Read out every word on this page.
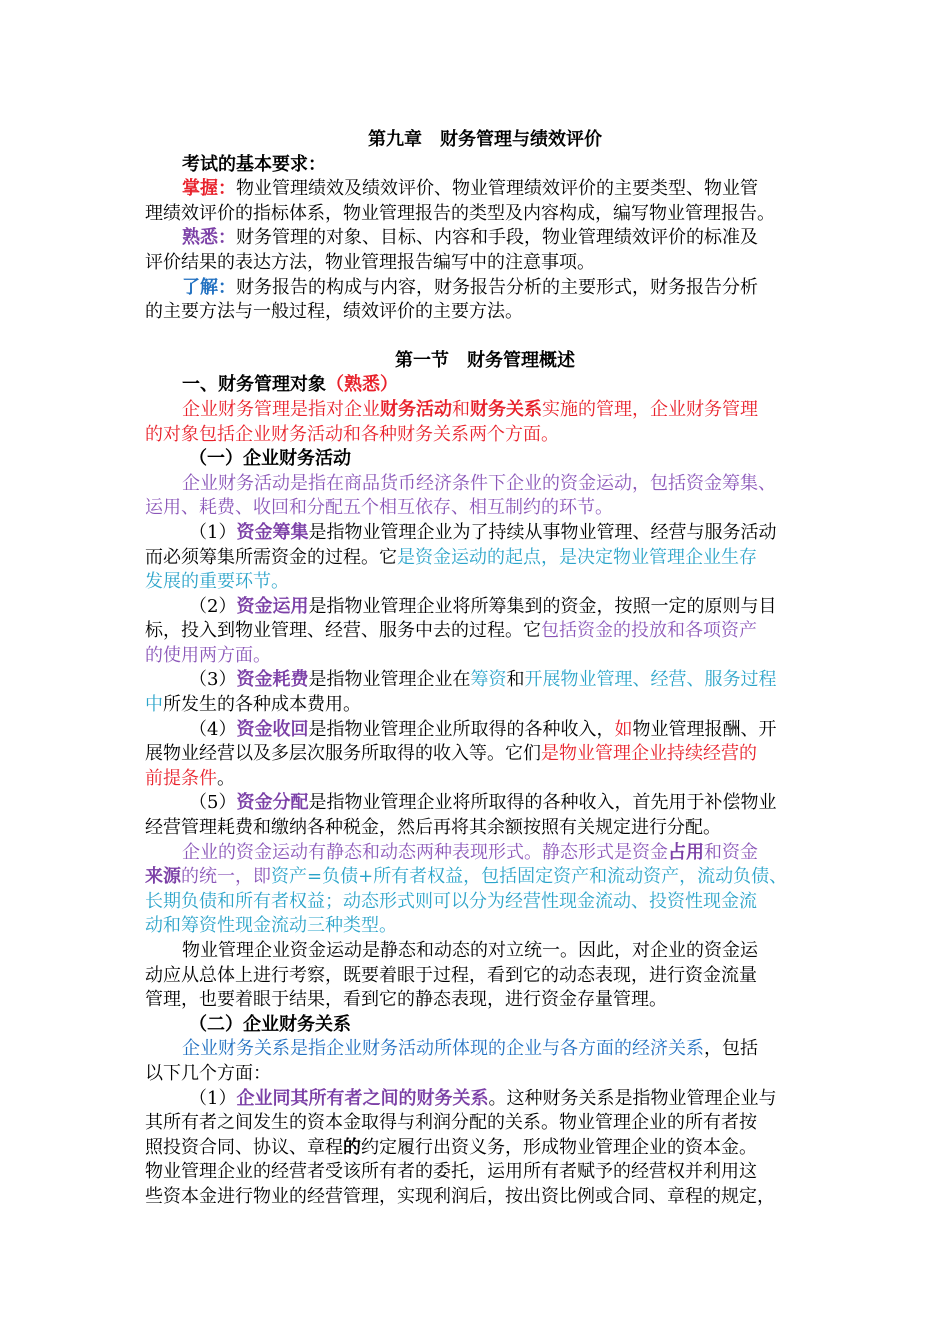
第九章　财务管理与绩效评价
考试的基本要求：
掌握：物业管理绩效及绩效评价、物业管理绩效评价的主要类型、物业管
理绩效评价的指标体系，物业管理报告的类型及内容构成，编写物业管理报告。
熟悉：财务管理的对象、目标、内容和手段，物业管理绩效评价的标准及
评价结果的表达方法，物业管理报告编写中的注意事项。
了解：财务报告的构成与内容，财务报告分析的主要形式，财务报告分析
的主要方法与一般过程，绩效评价的主要方法。
第一节　财务管理概述
一、财务管理对象（熟悉）
企业财务管理是指对企业财务活动和财务关系实施的管理，企业财务管理
的对象包括企业财务活动和各种财务关系两个方面。
（一）企业财务活动
企业财务活动是指在商品货币经济条件下企业的资金运动，包括资金筹集、
运用、耗费、收回和分配五个相互依存、相互制约的环节。
（1）资金筹集是指物业管理企业为了持续从事物业管理、经营与服务活动
而必须筹集所需资金的过程。它是资金运动的起点，是决定物业管理企业生存
发展的重要环节。
（2）资金运用是指物业管理企业将所筹集到的资金，按照一定的原则与目
标，投入到物业管理、经营、服务中去的过程。它包括资金的投放和各项资产
的使用两方面。
（3）资金耗费是指物业管理企业在筹资和开展物业管理、经营、服务过程
中所发生的各种成本费用。
（4）资金收回是指物业管理企业所取得的各种收入，如物业管理报酬、开
展物业经营以及多层次服务所取得的收入等。它们是物业管理企业持续经营的
前提条件。
（5）资金分配是指物业管理企业将所取得的各种收入，首先用于补偿物业
经营管理耗费和缴纳各种税金，然后再将其余额按照有关规定进行分配。
企业的资金运动有静态和动态两种表现形式。静态形式是资金占用和资金
来源的统一，即资产=负债+所有者权益，包括固定资产和流动资产，流动负债、
长期负债和所有者权益；动态形式则可以分为经营性现金流动、投资性现金流
动和筹资性现金流动三种类型。
物业管理企业资金运动是静态和动态的对立统一。因此，对企业的资金运
动应从总体上进行考察，既要着眼于过程，看到它的动态表现，进行资金流量
管理，也要着眼于结果，看到它的静态表现，进行资金存量管理。
（二）企业财务关系
企业财务关系是指企业财务活动所体现的企业与各方面的经济关系，包括
以下几个方面：
（1）企业同其所有者之间的财务关系。这种财务关系是指物业管理企业与
其所有者之间发生的资本金取得与利润分配的关系。物业管理企业的所有者按
照投资合同、协议、章程的约定履行出资义务，形成物业管理企业的资本金。
物业管理企业的经营者受该所有者的委托，运用所有者赋予的经营权并利用这
些资本金进行物业的经营管理，实现利润后，按出资比例或合同、章程的规定，
